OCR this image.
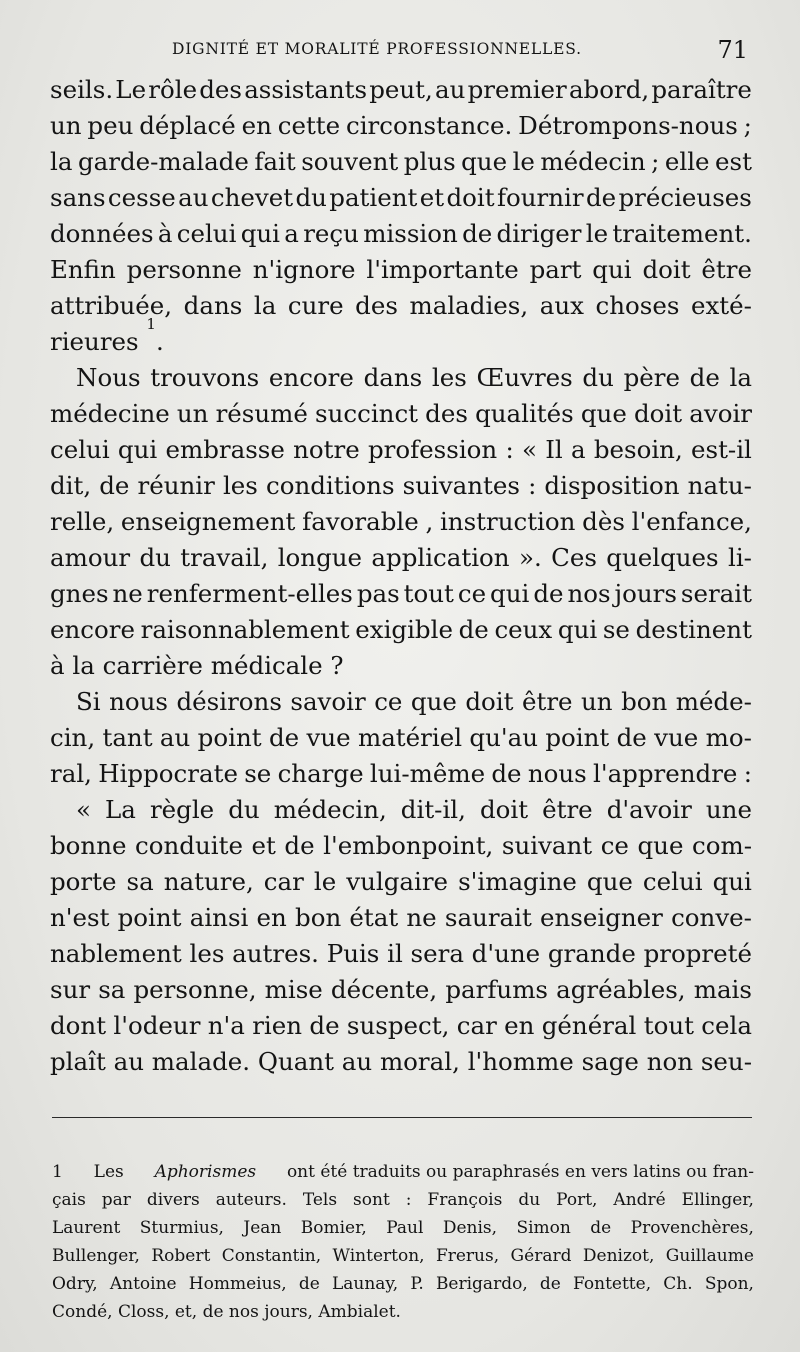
DIGNITÉ ET MORALITÉ PROFESSIONNELLES.	71
seils. Le rôle des assistants peut, au premier abord, paraître
un peu déplacé en cette circonstance. Détrompons-nous ;
la garde-malade fait souvent plus que le médecin ; elle est
sans cesse au chevet du patient et doit fournir de précieuses
données à celui qui a reçu mission de diriger le traitement.
Enfin personne n'ignore l'importante part qui doit être
attribuée, dans la cure des maladies, aux choses exté-
rieures

1
.
Nous trouvons encore dans les Œuvres du père de la
médecine un résumé succinct des qualités que doit avoir
celui qui embrasse notre profession : « Il a besoin, est-il
dit, de réunir les conditions suivantes : disposition natu-
relle, enseignement favorable , instruction dès l'enfance,
amour du travail, longue application ». Ces quelques li-
gnes ne renferment-elles pas tout ce qui de nos jours serait
encore raisonnablement exigible de ceux qui se destinent
à la carrière médicale ?
Si nous désirons savoir ce que doit être un bon méde-
cin, tant au point de vue matériel qu'au point de vue mo-
ral, Hippocrate se charge lui-même de nous l'apprendre :
« La règle du médecin, dit-il, doit être d'avoir une
bonne conduite et de l'embonpoint, suivant ce que com-
porte sa nature, car le vulgaire s'imagine que celui qui
n'est point ainsi en bon état ne saurait enseigner conve-
nablement les autres. Puis il sera d'une grande propreté
sur sa personne, mise décente, parfums agréables, mais
dont l'odeur n'a rien de suspect, car en général tout cela
plaît au malade. Quant au moral, l'homme sage non seu-
1 Les Aphorismes ont été traduits ou paraphrasés en vers latins ou fran-
çais par divers auteurs. Tels sont : François du Port, André Ellinger,
Laurent Sturmius, Jean Bomier, Paul Denis, Simon de Provenchères,
Bullenger, Robert Constantin, Winterton, Frerus, Gérard Denizot, Guillaume
Odry, Antoine Hommeius, de Launay, P. Berigardo, de Fontette, Ch. Spon,
Condé, Closs, et, de nos jours, Ambialet.
